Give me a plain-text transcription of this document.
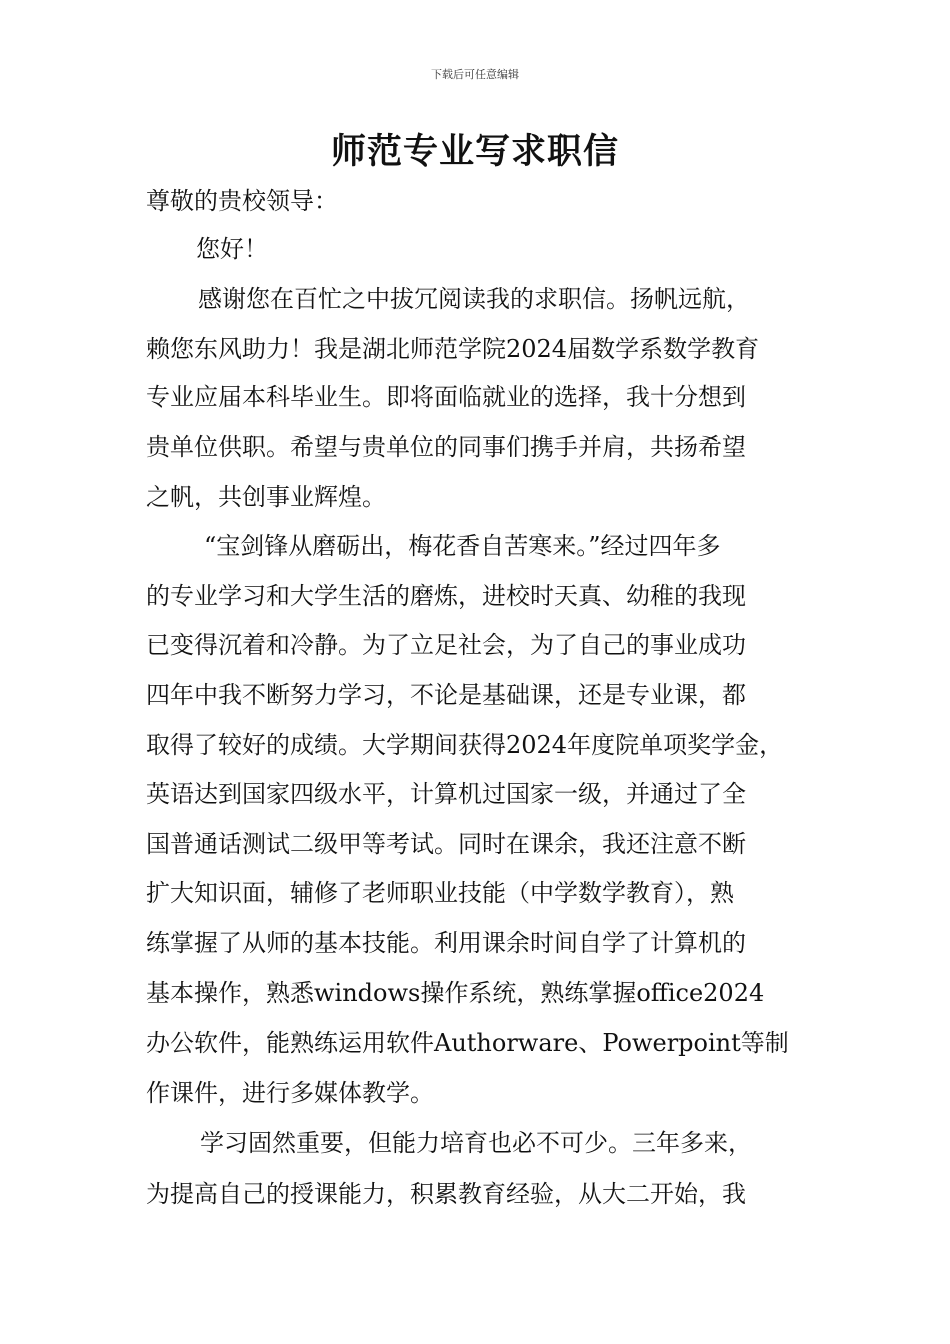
下载后可任意编辑
师范专业写求职信
尊敬的贵校领导：
您好！
感谢您在百忙之中拔冗阅读我的求职信。扬帆远航，
赖您东风助力！我是湖北师范学院2024届数学系数学教育
专业应届本科毕业生。即将面临就业的选择，我十分想到
贵单位供职。希望与贵单位的同事们携手并肩，共扬希望
之帆，共创事业辉煌。
“宝剑锋从磨砺出，梅花香自苦寒来。”经过四年多
的专业学习和大学生活的磨炼，进校时天真、幼稚的我现
已变得沉着和冷静。为了立足社会，为了自己的事业成功
四年中我不断努力学习，不论是基础课，还是专业课，都
取得了较好的成绩。大学期间获得2024年度院单项奖学金，
英语达到国家四级水平，计算机过国家一级，并通过了全
国普通话测试二级甲等考试。同时在课余，我还注意不断
扩大知识面，辅修了老师职业技能（中学数学教育），熟
练掌握了从师的基本技能。利用课余时间自学了计算机的
基本操作，熟悉windows操作系统，熟练掌握office2024
办公软件，能熟练运用软件Authorware、Powerpoint等制
作课件，进行多媒体教学。
学习固然重要，但能力培育也必不可少。三年多来，
为提高自己的授课能力，积累教育经验，从大二开始，我
